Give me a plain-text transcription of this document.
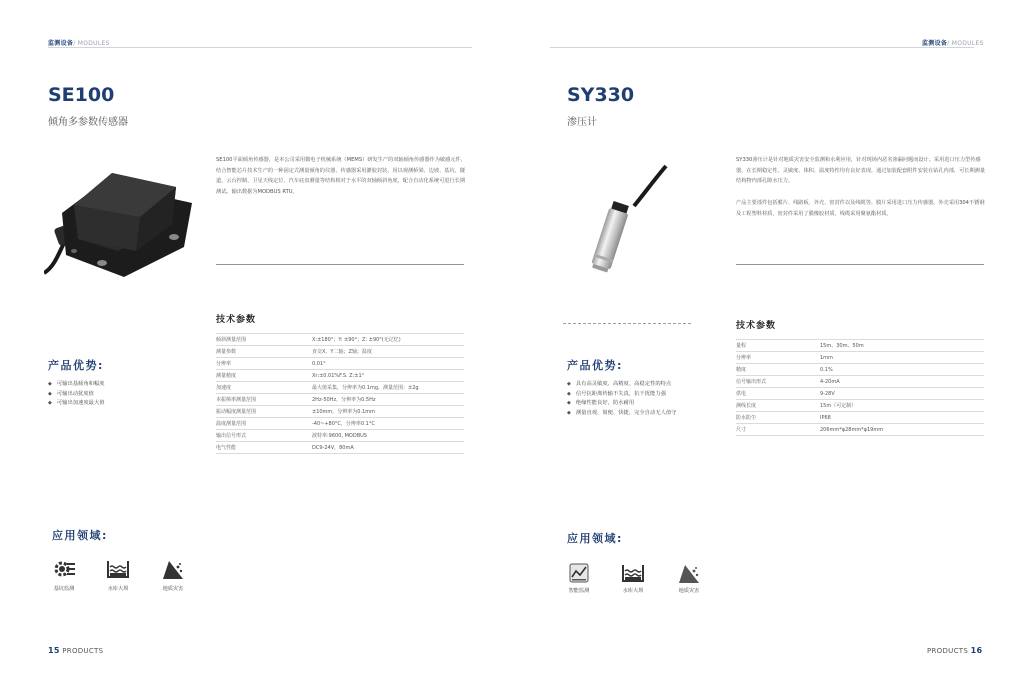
监测设备/ MODULES
SE100
倾角多参数传感器
SE100平面倾角传感器，是本公司采用微电子机械系统（MEMS）研发生产的双轴倾角传感器作为敏感元件，结合智能芯片技术生产的一种固定式测量倾角的仪器，传感器采用灌胶封装，用以观测桥梁、边坡、基坑、隧道、云台控制、卫星天线定位、汽车底盘测量等结构相对于水平的双轴倾斜角度，配合自动化系统可进行长期测试。输出数据为MODBUS RTU。
技术参数
倾斜测量范围	X:±180°；Y: ±90°；Z: ±90°(无记忆)
测量参数	直交X、Y二轴；Z轴；温度
分辨率	0.01°
测量精度	Xr:±0.01%F.S. Z:±1°
加速度	最大值采集，分辨率为0.1mg，测量范围：±2g
本振频率测量范围	2Hz-50Hz，分辨率为0.5Hz
振动幅度测量范围	±10mm，分辨率为0.1mm
温度测量范围	-40~+80°C，分辨率0.1°C
输出信号形式	波特率:9600, MODBUS
电气性能	DC9-24V，80mA
产品优势:
◆ 可输出基倾角和幅度
◆ 可输出动扰度值
◆ 可输出加速度最大值
应用领域:
基坑监测	水库大坝	地质灾害
15 PRODUCTS
监测设备/ MODULES
SY330
渗压计
SY330渗压计是针对地质灾害安全监测和水利应用，针对现场内恶劣渗漏问题而设计。采用进口压力型传感器，在长期稳定性、灵敏度、体积、温度特性均有良好表现。通过加装配套附件安装在钻孔内部，可长期测量结构物内部孔隙水压力。
产品主要部件包括膜片、线路板、外壳、密封件以及线缆等。膜片采用进口压力传感器，外壳采用304不锈钢及工程塑料材质，密封件采用了膜橡胶材质，线缆采用聚氨酯材质。
技术参数
量程	15m、30m、50m
分辨率	1mm
精度	0.1%
信号输出形式	4-20mA
供电	9-28V
测线长度	15m（可定制）
防水防尘	IP68
尺寸	206mm*φ28mm*φ19mm
产品优势:
◆ 具有高灵敏度、高精度、高稳定性的特点
◆ 信号抗距离传输不失真，抗干扰能力强
◆ 绝缘性能良好，防水耐用
◆ 测量直观、简便、快捷，完全自动无人值守
应用领域:
智能监测	水库大坝	地质灾害
PRODUCTS 16
